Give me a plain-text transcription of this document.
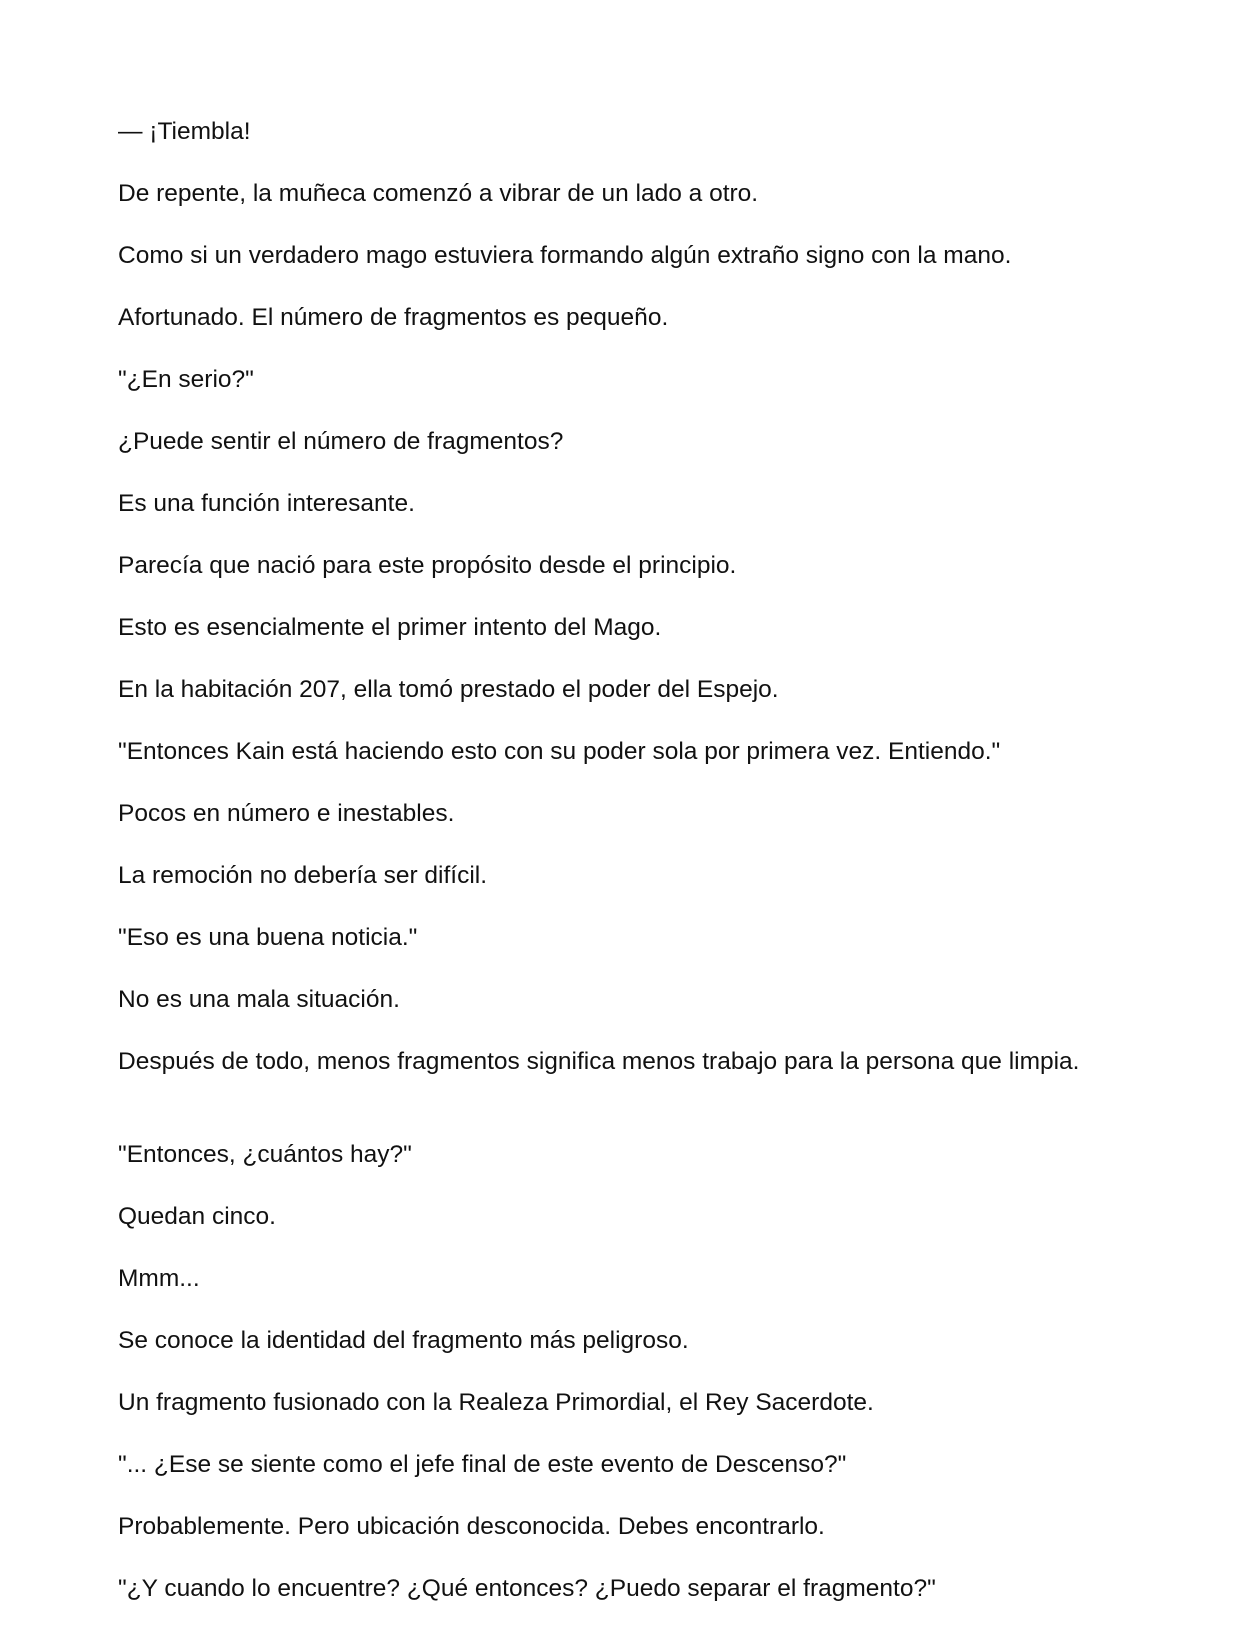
— ¡Tiembla!

De repente, la muñeca comenzó a vibrar de un lado a otro.

Como si un verdadero mago estuviera formando algún extraño signo con la mano.

Afortunado. El número de fragmentos es pequeño.

"¿En serio?"

¿Puede sentir el número de fragmentos?

Es una función interesante.

Parecía que nació para este propósito desde el principio.

Esto es esencialmente el primer intento del Mago.

En la habitación 207, ella tomó prestado el poder del Espejo.

"Entonces Kain está haciendo esto con su poder sola por primera vez. Entiendo."

Pocos en número e inestables.

La remoción no debería ser difícil.

"Eso es una buena noticia."

No es una mala situación.

Después de todo, menos fragmentos significa menos trabajo para la persona que limpia.

"Entonces, ¿cuántos hay?"

Quedan cinco.

Mmm...

Se conoce la identidad del fragmento más peligroso.

Un fragmento fusionado con la Realeza Primordial, el Rey Sacerdote.

"... ¿Ese se siente como el jefe final de este evento de Descenso?"

Probablemente. Pero ubicación desconocida. Debes encontrarlo.

"¿Y cuando lo encuentre? ¿Qué entonces? ¿Puedo separar el fragmento?"
